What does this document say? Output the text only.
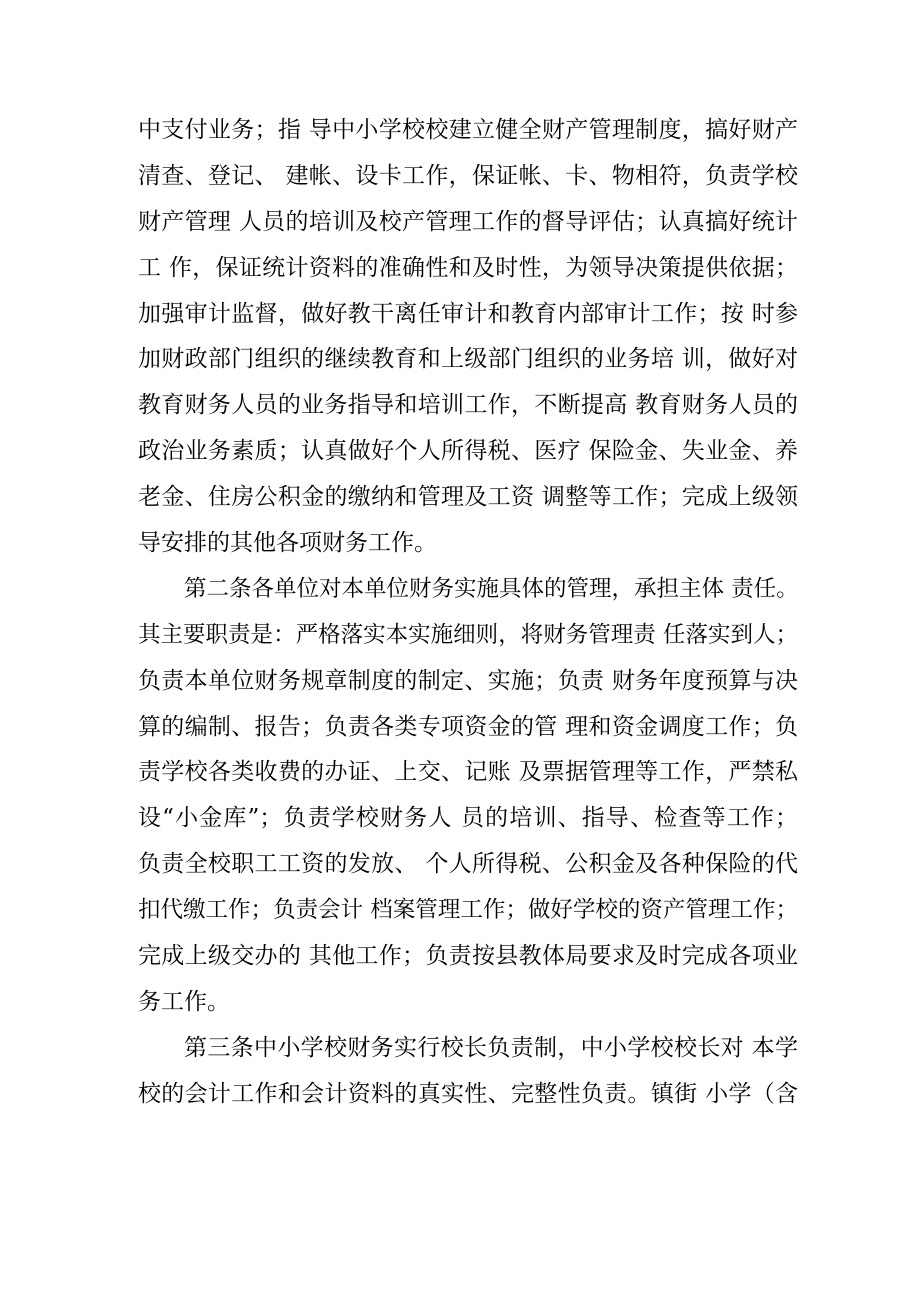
中支付业务；指 导中小学校校建立健全财产管理制度，搞好财产
清查、登记、 建帐、设卡工作，保证帐、卡、物相符，负责学校
财产管理 人员的培训及校产管理工作的督导评估；认真搞好统计
工 作，保证统计资料的准确性和及时性，为领导决策提供依据；
加强审计监督，做好教干离任审计和教育内部审计工作；按 时参
加财政部门组织的继续教育和上级部门组织的业务培 训，做好对
教育财务人员的业务指导和培训工作，不断提高 教育财务人员的
政治业务素质；认真做好个人所得税、医疗 保险金、失业金、养
老金、住房公积金的缴纳和管理及工资 调整等工作；完成上级领
导安排的其他各项财务工作。
第二条各单位对本单位财务实施具体的管理，承担主体 责任。
其主要职责是：严格落实本实施细则，将财务管理责 任落实到人；
负责本单位财务规章制度的制定、实施；负责 财务年度预算与决
算的编制、报告；负责各类专项资金的管 理和资金调度工作；负
责学校各类收费的办证、上交、记账 及票据管理等工作，严禁私
设“小金库”；负责学校财务人 员的培训、指导、检查等工作；
负责全校职工工资的发放、 个人所得税、公积金及各种保险的代
扣代缴工作；负责会计 档案管理工作；做好学校的资产管理工作；
完成上级交办的 其他工作；负责按县教体局要求及时完成各项业
务工作。
第三条中小学校财务实行校长负责制，中小学校校长对 本学
校的会计工作和会计资料的真实性、完整性负责。镇街 小学（含
